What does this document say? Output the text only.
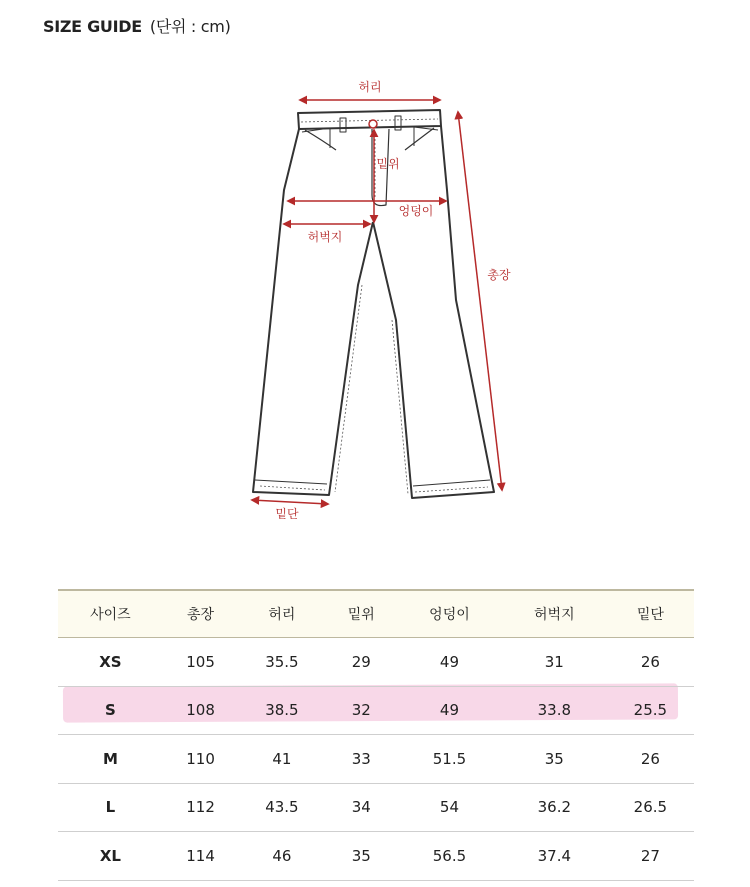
SIZE GUIDE (단위 : cm)
허리
밑위
엉덩이
허벅지
총장
밑단
사이즈	총장	허리	밑위	엉덩이	허벅지	밑단
XS	105	35.5	29	49	31	26
S	108	38.5	32	49	33.8	25.5
M	110	41	33	51.5	35	26
L	112	43.5	34	54	36.2	26.5
XL	114	46	35	56.5	37.4	27
